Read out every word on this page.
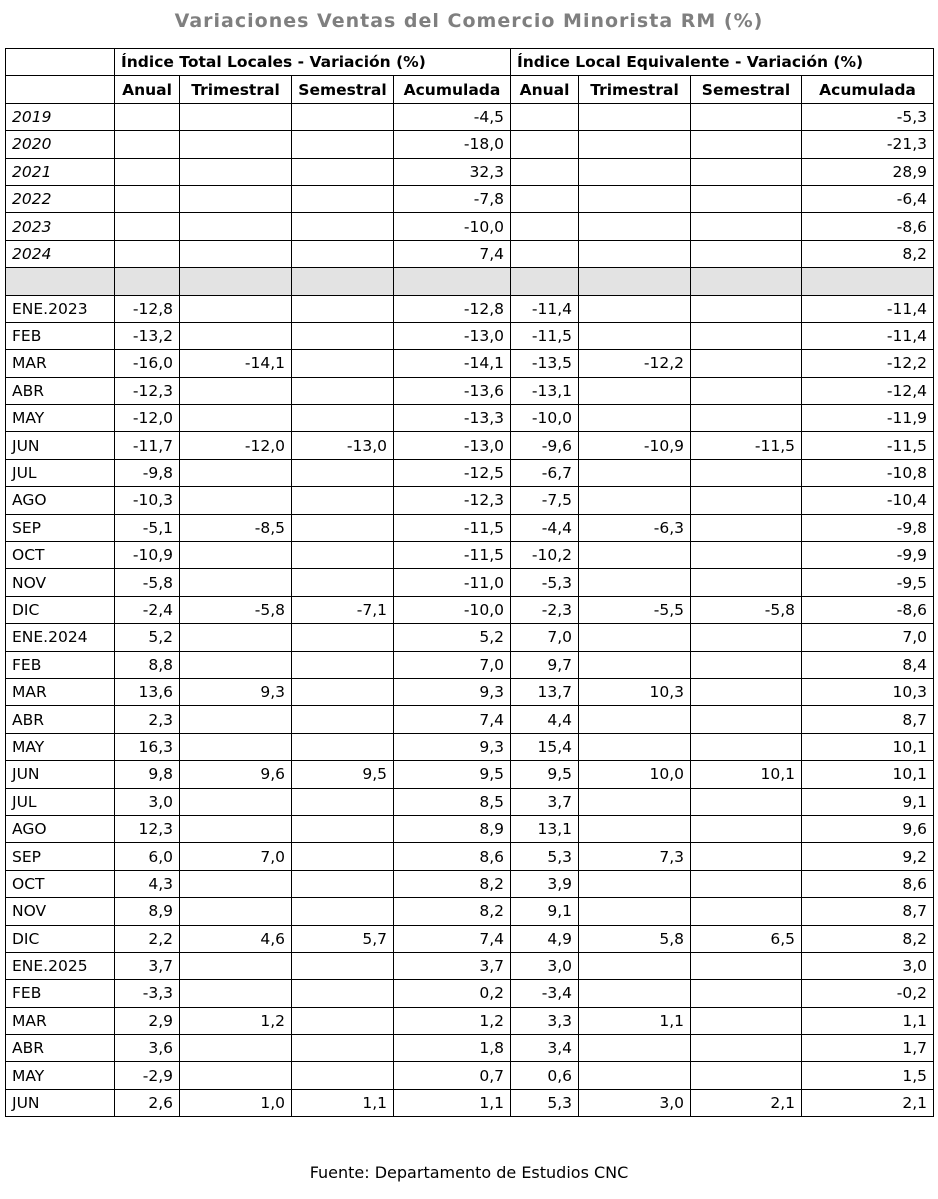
Variaciones Ventas del Comercio Minorista RM (%)
	Índice Total Locales - Variación (%)				Índice Local Equivalente - Variación (%)			
	Anual	Trimestral	Semestral	Acumulada	Anual	Trimestral	Semestral	Acumulada
2019				-4,5				-5,3
2020				-18,0				-21,3
2021				32,3				28,9
2022				-7,8				-6,4
2023				-10,0				-8,6
2024				7,4				8,2

ENE.2023	-12,8			-12,8	-11,4			-11,4
FEB	-13,2			-13,0	-11,5			-11,4
MAR	-16,0	-14,1		-14,1	-13,5	-12,2		-12,2
ABR	-12,3			-13,6	-13,1			-12,4
MAY	-12,0			-13,3	-10,0			-11,9
JUN	-11,7	-12,0	-13,0	-13,0	-9,6	-10,9	-11,5	-11,5
JUL	-9,8			-12,5	-6,7			-10,8
AGO	-10,3			-12,3	-7,5			-10,4
SEP	-5,1	-8,5		-11,5	-4,4	-6,3		-9,8
OCT	-10,9			-11,5	-10,2			-9,9
NOV	-5,8			-11,0	-5,3			-9,5
DIC	-2,4	-5,8	-7,1	-10,0	-2,3	-5,5	-5,8	-8,6
ENE.2024	5,2			5,2	7,0			7,0
FEB	8,8			7,0	9,7			8,4
MAR	13,6	9,3		9,3	13,7	10,3		10,3
ABR	2,3			7,4	4,4			8,7
MAY	16,3			9,3	15,4			10,1
JUN	9,8	9,6	9,5	9,5	9,5	10,0	10,1	10,1
JUL	3,0			8,5	3,7			9,1
AGO	12,3			8,9	13,1			9,6
SEP	6,0	7,0		8,6	5,3	7,3		9,2
OCT	4,3			8,2	3,9			8,6
NOV	8,9			8,2	9,1			8,7
DIC	2,2	4,6	5,7	7,4	4,9	5,8	6,5	8,2
ENE.2025	3,7			3,7	3,0			3,0
FEB	-3,3			0,2	-3,4			-0,2
MAR	2,9	1,2		1,2	3,3	1,1		1,1
ABR	3,6			1,8	3,4			1,7
MAY	-2,9			0,7	0,6			1,5
JUN	2,6	1,0	1,1	1,1	5,3	3,0	2,1	2,1
Fuente: Departamento de Estudios CNC
